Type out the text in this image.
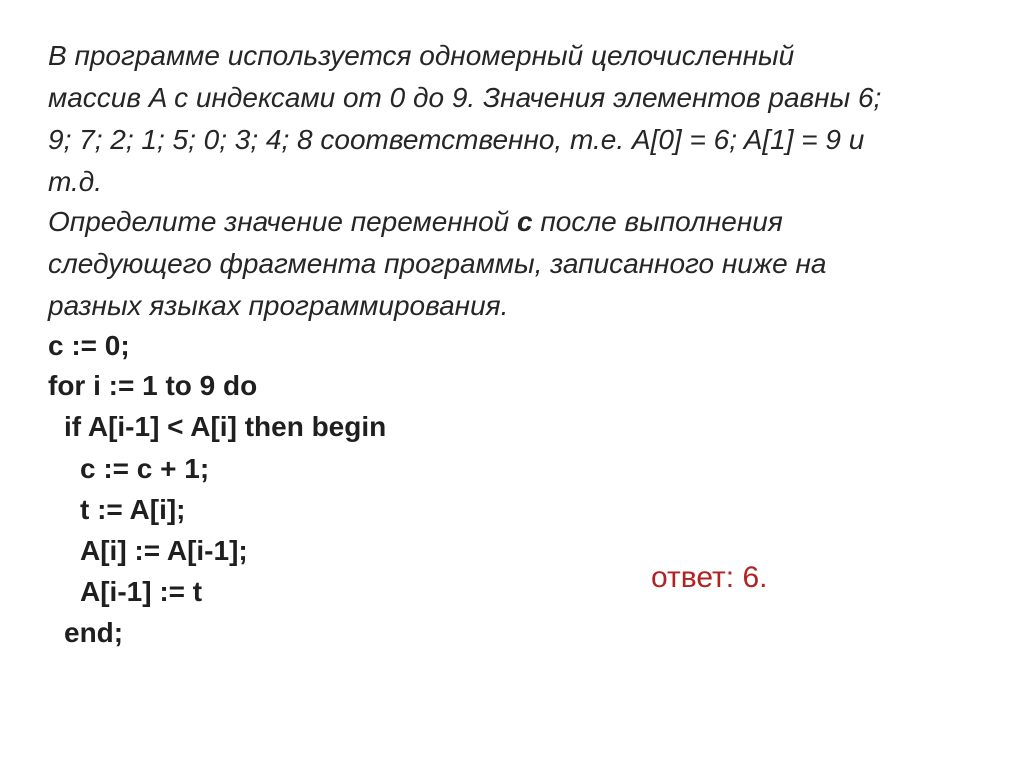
В программе используется одномерный целочисленный
массив A с индексами от 0 до 9. Значения элементов равны 6;
9; 7; 2; 1; 5; 0; 3; 4; 8 соответственно, т.е. A[0] = 6; A[1] = 9 и
т.д.
Определите значение переменной c после выполнения
следующего фрагмента программы, записанного ниже на
разных языках программирования.
c := 0;
for i := 1 to 9 do
if A[i-1] < A[i] then begin
c := c + 1;
t := A[i];
A[i] := A[i-1];
A[i-1] := t
end;
ответ: 6.
